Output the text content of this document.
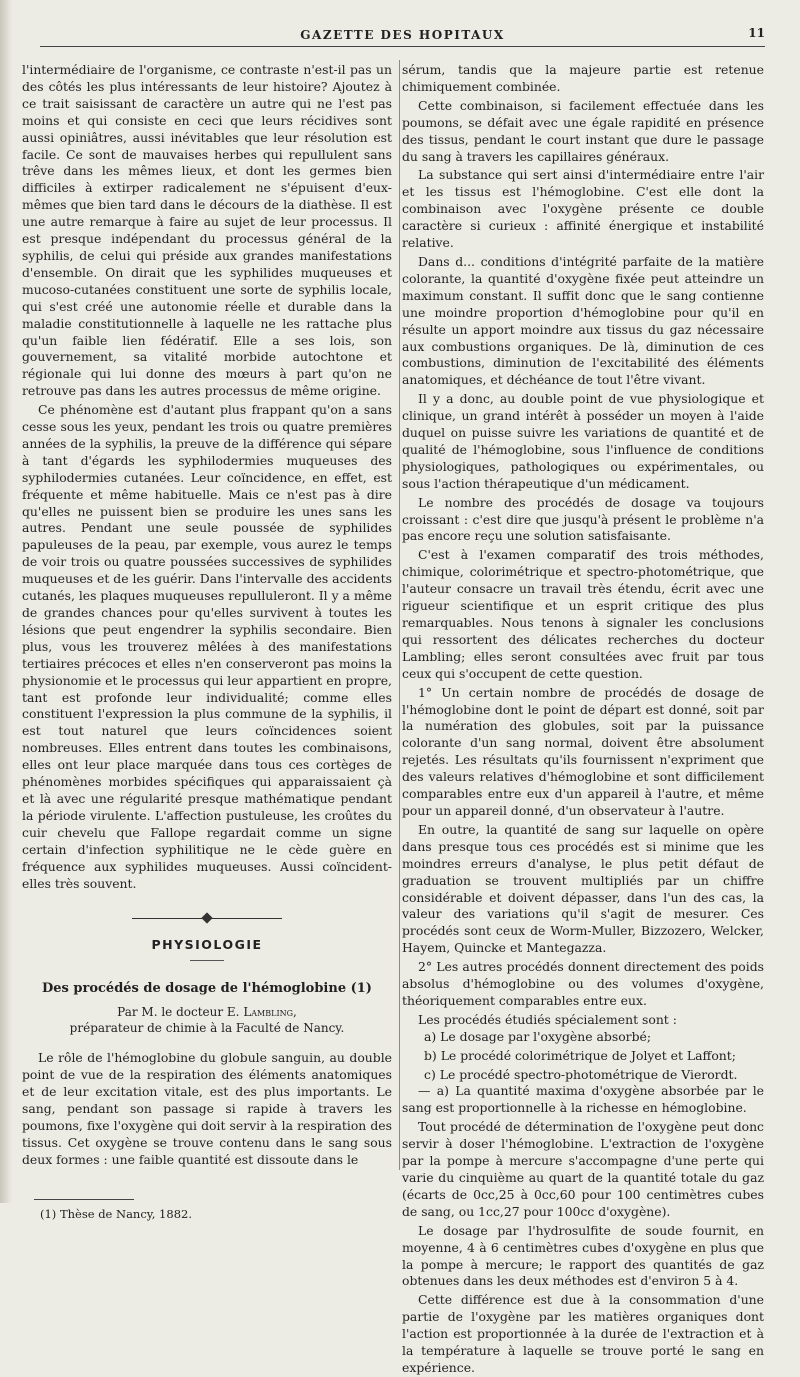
GAZETTE DES HOPITAUX	11

l'intermédiaire de l'organisme, ce contraste n'est-il pas un des côtés les plus intéressants de leur histoire? Ajoutez à ce trait saisissant de caractère un autre qui ne l'est pas moins et qui consiste en ceci que leurs récidives sont aussi opiniâtres, aussi inévitables que leur résolution est facile. Ce sont de mauvaises herbes qui repullulent sans trêve dans les mêmes lieux, et dont les germes bien difficiles à extirper radicalement ne s'épuisent d'eux-mêmes que bien tard dans le décours de la diathèse. Il est une autre remarque à faire au sujet de leur processus. Il est presque indépendant du processus général de la syphilis, de celui qui préside aux grandes manifestations d'ensemble. On dirait que les syphilides muqueuses et mucoso-cutanées constituent une sorte de syphilis locale, qui s'est créé une autonomie réelle et durable dans la maladie constitutionnelle à laquelle ne les rattache plus qu'un faible lien fédératif. Elle a ses lois, son gouvernement, sa vitalité morbide autochtone et régionale qui lui donne des mœurs à part qu'on ne retrouve pas dans les autres processus de même origine.

Ce phénomène est d'autant plus frappant qu'on a sans cesse sous les yeux, pendant les trois ou quatre premières années de la syphilis, la preuve de la différence qui sépare à tant d'égards les syphilodermies muqueuses des syphilodermies cutanées. Leur coïncidence, en effet, est fréquente et même habituelle. Mais ce n'est pas à dire qu'elles ne puissent bien se produire les unes sans les autres. Pendant une seule poussée de syphilides papuleuses de la peau, par exemple, vous aurez le temps de voir trois ou quatre poussées successives de syphilides muqueuses et de les guérir. Dans l'intervalle des accidents cutanés, les plaques muqueuses repulluleront. Il y a même de grandes chances pour qu'elles survivent à toutes les lésions que peut engendrer la syphilis secondaire. Bien plus, vous les trouverez mêlées à des manifestations tertiaires précoces et elles n'en conserveront pas moins la physionomie et le processus qui leur appartient en propre, tant est profonde leur individualité; comme elles constituent l'expression la plus commune de la syphilis, il est tout naturel que leurs coïncidences soient nombreuses. Elles entrent dans toutes les combinaisons, elles ont leur place marquée dans tous ces cortèges de phénomènes morbides spécifiques qui apparaissaient çà et là avec une régularité presque mathématique pendant la période virulente. L'affection pustuleuse, les croûtes du cuir chevelu que Fallope regardait comme un signe certain d'infection syphilitique ne le cède guère en fréquence aux syphilides muqueuses. Aussi coïncident-elles très souvent.

PHYSIOLOGIE
Des procédés de dosage de l'hémoglobine (1)
Par M. le docteur E. Lambling,
préparateur de chimie à la Faculté de Nancy.

Le rôle de l'hémoglobine du globule sanguin, au double point de vue de la respiration des éléments anatomiques et de leur excitation vitale, est des plus importants. Le sang, pendant son passage si rapide à travers les poumons, fixe l'oxygène qui doit servir à la respiration des tissus. Cet oxygène se trouve contenu dans le sang sous deux formes : une faible quantité est dissoute dans le

(1) Thèse de Nancy, 1882.

sérum, tandis que la majeure partie est retenue chimiquement combinée.

Cette combinaison, si facilement effectuée dans les poumons, se défait avec une égale rapidité en présence des tissus, pendant le court instant que dure le passage du sang à travers les capillaires généraux.

La substance qui sert ainsi d'intermédiaire entre l'air et les tissus est l'hémoglobine. C'est elle dont la combinaison avec l'oxygène présente ce double caractère si curieux : affinité énergique et instabilité relative.

Dans d... conditions d'intégrité parfaite de la matière colorante, la quantité d'oxygène fixée peut atteindre un maximum constant. Il suffit donc que le sang contienne une moindre proportion d'hémoglobine pour qu'il en résulte un apport moindre aux tissus du gaz nécessaire aux combustions organiques. De là, diminution de ces combustions, diminution de l'excitabilité des éléments anatomiques, et déchéance de tout l'être vivant.

Il y a donc, au double point de vue physiologique et clinique, un grand intérêt à posséder un moyen à l'aide duquel on puisse suivre les variations de quantité et de qualité de l'hémoglobine, sous l'influence de conditions physiologiques, pathologiques ou expérimentales, ou sous l'action thérapeutique d'un médicament.

Le nombre des procédés de dosage va toujours croissant : c'est dire que jusqu'à présent le problème n'a pas encore reçu une solution satisfaisante.

C'est à l'examen comparatif des trois méthodes, chimique, colorimétrique et spectro-photométrique, que l'auteur consacre un travail très étendu, écrit avec une rigueur scientifique et un esprit critique des plus remarquables. Nous tenons à signaler les conclusions qui ressortent des délicates recherches du docteur Lambling; elles seront consultées avec fruit par tous ceux qui s'occupent de cette question.

1° Un certain nombre de procédés de dosage de l'hémoglobine dont le point de départ est donné, soit par la numération des globules, soit par la puissance colorante d'un sang normal, doivent être absolument rejetés. Les résultats qu'ils fournissent n'expriment que des valeurs relatives d'hémoglobine et sont difficilement comparables entre eux d'un appareil à l'autre, et même pour un appareil donné, d'un observateur à l'autre.

En outre, la quantité de sang sur laquelle on opère dans presque tous ces procédés est si minime que les moindres erreurs d'analyse, le plus petit défaut de graduation se trouvent multipliés par un chiffre considérable et doivent dépasser, dans l'un des cas, la valeur des variations qu'il s'agit de mesurer. Ces procédés sont ceux de Worm-Muller, Bizzozero, Welcker, Hayem, Quincke et Mantegazza.

2° Les autres procédés donnent directement des poids absolus d'hémoglobine ou des volumes d'oxygène, théoriquement comparables entre eux.

Les procédés étudiés spécialement sont :

a) Le dosage par l'oxygène absorbé;

b) Le procédé colorimétrique de Jolyet et Laffont;

c) Le procédé spectro-photométrique de Vierordt.

— a) La quantité maxima d'oxygène absorbée par le sang est proportionnelle à la richesse en hémoglobine.

Tout procédé de détermination de l'oxygène peut donc servir à doser l'hémoglobine. L'extraction de l'oxygène par la pompe à mercure s'accompagne d'une perte qui varie du cinquième au quart de la quantité totale du gaz (écarts de 0cc,25 à 0cc,60 pour 100 centimètres cubes de sang, ou 1cc,27 pour 100cc d'oxygène).

Le dosage par l'hydrosulfite de soude fournit, en moyenne, 4 à 6 centimètres cubes d'oxygène en plus que la pompe à mercure; le rapport des quantités de gaz obtenues dans les deux méthodes est d'environ 5 à 4.

Cette différence est due à la consommation d'une partie de l'oxygène par les matières organiques dont l'action est proportionnée à la durée de l'extraction et à la température à laquelle se trouve porté le sang en expérience.
